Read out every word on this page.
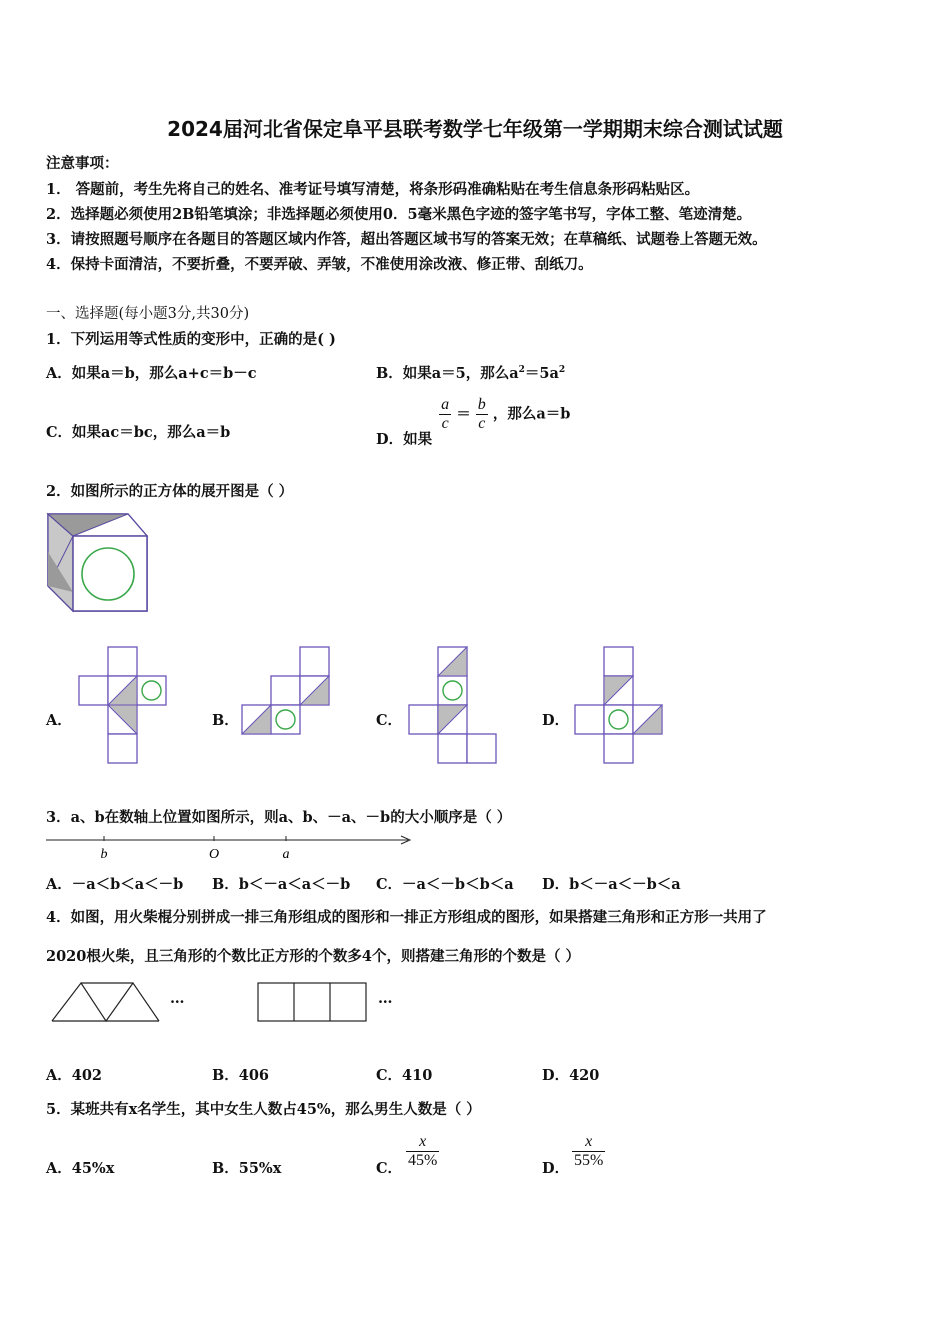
2024届河北省保定阜平县联考数学七年级第一学期期末综合测试试题
注意事项：
1． 答题前，考生先将自己的姓名、准考证号填写清楚，将条形码准确粘贴在考生信息条形码粘贴区。
2．选择题必须使用2B铅笔填涂；非选择题必须使用0．5毫米黑色字迹的签字笔书写，字体工整、笔迹清楚。
3．请按照题号顺序在各题目的答题区域内作答，超出答题区域书写的答案无效；在草稿纸、试题卷上答题无效。
4．保持卡面清洁，不要折叠，不要弄破、弄皱，不准使用涂改液、修正带、刮纸刀。
一、选择题(每小题3分,共30分)
1．下列运用等式性质的变形中，正确的是( )
A．如果a＝b，那么a+c＝b－c	B．如果a＝5，那么$a^2=5a^2$
C．如果ac＝bc，那么a＝b	D．如果
$\frac{a}{c} = \frac{b}{c}$ ，那么a＝b
2．如图所示的正方体的展开图是（ ）
A．	B．	C．	D．
3．a、b在数轴上位置如图所示，则a、b、－a、－b的大小顺序是（ ）
b	O	a
A．－a＜b＜a＜－b B．b＜－a＜a＜－b C．－a＜－b＜b＜a D．b＜－a＜－b＜a
4．如图，用火柴棍分别拼成一排三角形组成的图形和一排正方形组成的图形，如果搭建三角形和正方形一共用了
2020根火柴，且三角形的个数比正方形的个数多4个，则搭建三角形的个数是（ ）
…	…
A．402	B．406	C．410	D．420
5．某班共有x名学生，其中女生人数占45%，那么男生人数是（ ）
A．45%x	B．55%x	C． $\frac{x}{45\%}$	D． $\frac{x}{55\%}$
